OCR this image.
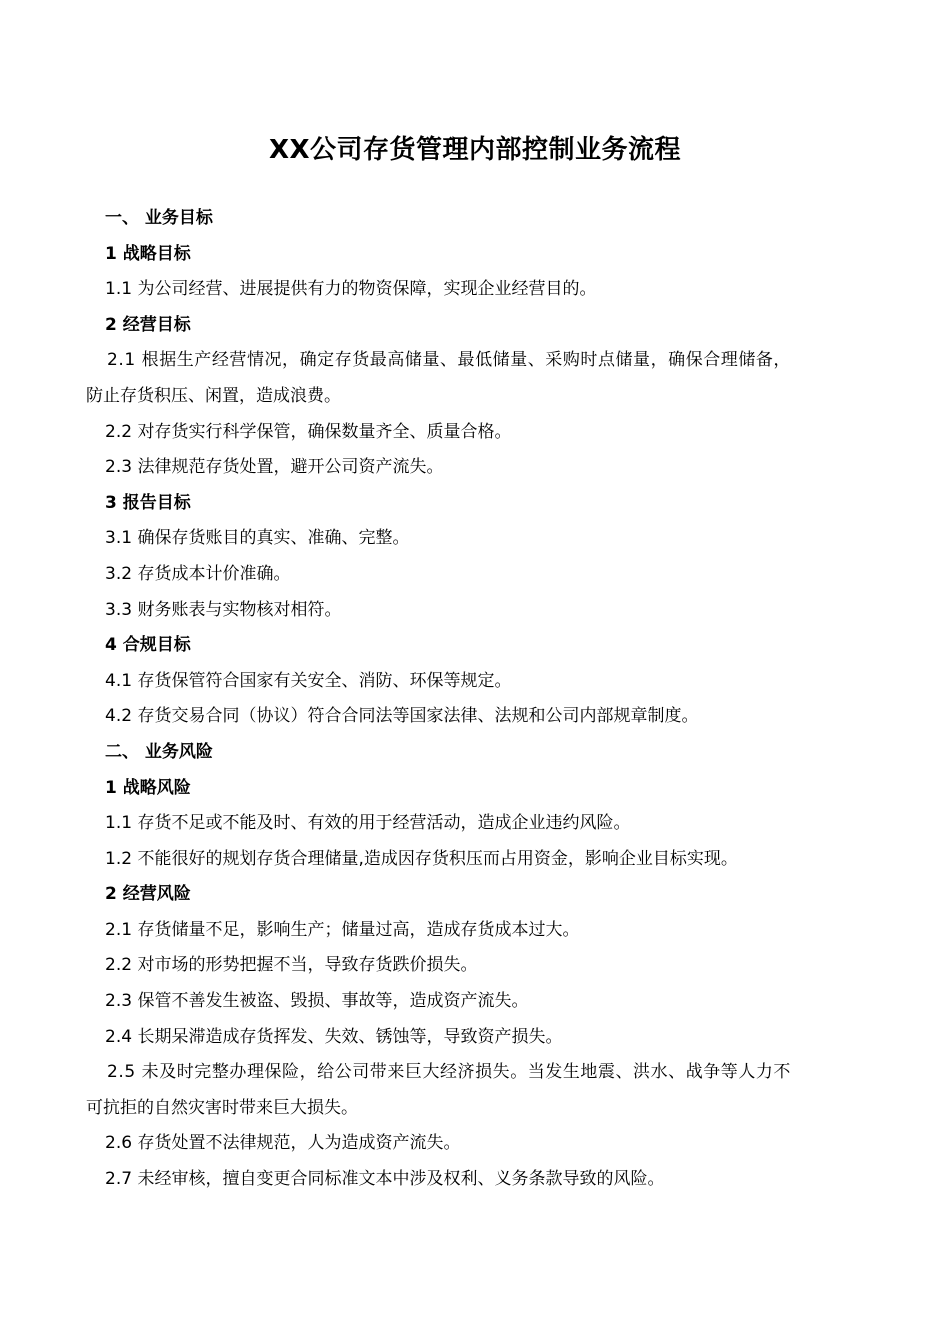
XX公司存货管理内部控制业务流程
一、 业务目标
1 战略目标
1.1 为公司经营、进展提供有力的物资保障，实现企业经营目的。
2 经营目标
2.1 根据生产经营情况，确定存货最高储量、最低储量、采购时点储量，确保合理储备，
防止存货积压、闲置，造成浪费。
2.2 对存货实行科学保管，确保数量齐全、质量合格。
2.3 法律规范存货处置，避开公司资产流失。
3 报告目标
3.1 确保存货账目的真实、准确、完整。
3.2 存货成本计价准确。
3.3 财务账表与实物核对相符。
4 合规目标
4.1 存货保管符合国家有关安全、消防、环保等规定。
4.2 存货交易合同（协议）符合合同法等国家法律、法规和公司内部规章制度。
二、 业务风险
1 战略风险
1.1 存货不足或不能及时、有效的用于经营活动，造成企业违约风险。
1.2 不能很好的规划存货合理储量,造成因存货积压而占用资金，影响企业目标实现。
2 经营风险
2.1 存货储量不足，影响生产；储量过高，造成存货成本过大。
2.2 对市场的形势把握不当，导致存货跌价损失。
2.3 保管不善发生被盗、毁损、事故等，造成资产流失。
2.4 长期呆滞造成存货挥发、失效、锈蚀等，导致资产损失。
2.5 未及时完整办理保险，给公司带来巨大经济损失。当发生地震、洪水、战争等人力不
可抗拒的自然灾害时带来巨大损失。
2.6 存货处置不法律规范，人为造成资产流失。
2.7 未经审核，擅自变更合同标准文本中涉及权利、义务条款导致的风险。
